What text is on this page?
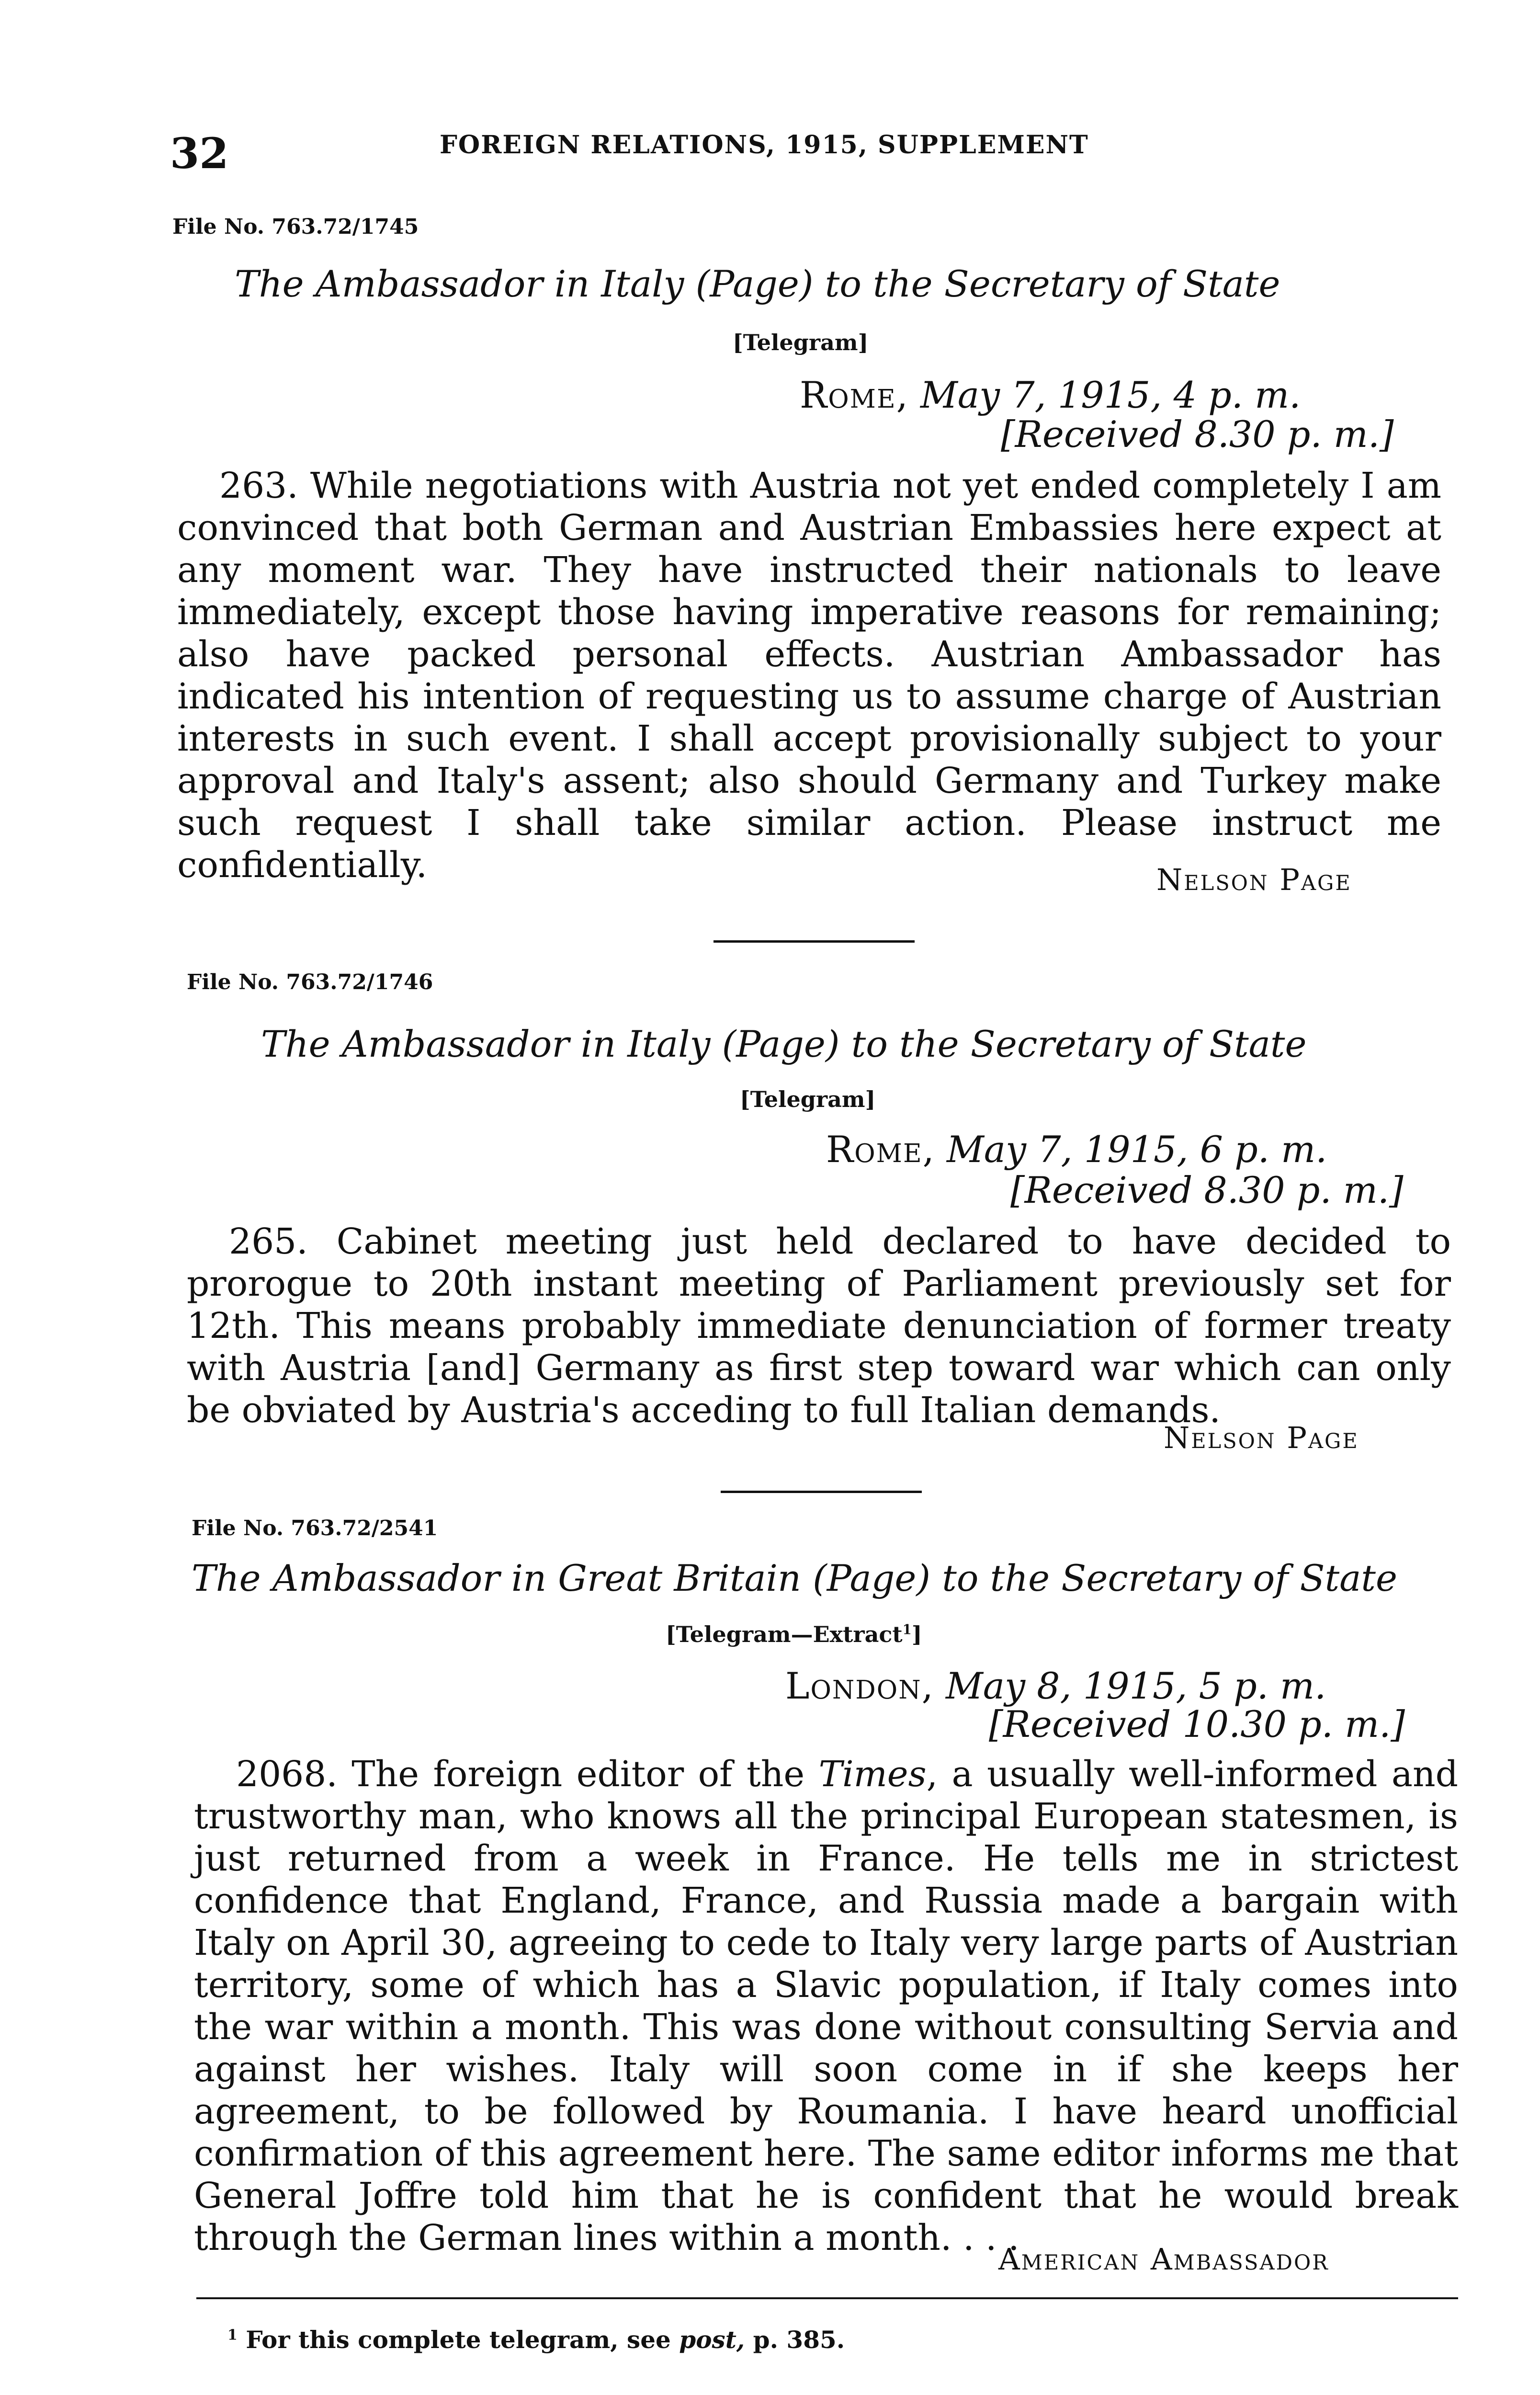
32	FOREIGN RELATIONS, 1915, SUPPLEMENT
File No. 763.72/1745
The Ambassador in Italy (Page) to the Secretary of State
[Telegram]
Rome, May 7, 1915, 4 p. m.
[Received 8.30 p. m.]
263. While negotiations with Austria not yet ended completely I am convinced that both German and Austrian Embassies here expect at any moment war. They have instructed their nationals to leave immediately, except those having imperative reasons for remaining; also have packed personal effects. Austrian Ambassador has indicated his intention of requesting us to assume charge of Austrian interests in such event. I shall accept provisionally subject to your approval and Italy's assent; also should Germany and Turkey make such request I shall take similar action. Please instruct me confidentially.	Nelson Page
File No. 763.72/1746
The Ambassador in Italy (Page) to the Secretary of State
[Telegram]
Rome, May 7, 1915, 6 p. m.
[Received 8.30 p. m.]
265. Cabinet meeting just held declared to have decided to prorogue to 20th instant meeting of Parliament previously set for 12th. This means probably immediate denunciation of former treaty with Austria [and] Germany as first step toward war which can only be obviated by Austria's acceding to full Italian demands.
Nelson Page
File No. 763.72/2541
The Ambassador in Great Britain (Page) to the Secretary of State
[Telegram—Extract$^1$]
London, May 8, 1915, 5 p. m.
[Received 10.30 p. m.]
2068. The foreign editor of the Times, a usually well-informed and trustworthy man, who knows all the principal European statesmen, is just returned from a week in France. He tells me in strictest confidence that England, France, and Russia made a bargain with Italy on April 30, agreeing to cede to Italy very large parts of Austrian territory, some of which has a Slavic population, if Italy comes into the war within a month. This was done without consulting Servia and against her wishes. Italy will soon come in if she keeps her agreement, to be followed by Roumania. I have heard unofficial confirmation of this agreement here. The same editor informs me that General Joffre told him that he is confident that he would break through the German lines within a month. . . .
American Ambassador
$^1$ For this complete telegram, see post, p. 385.
